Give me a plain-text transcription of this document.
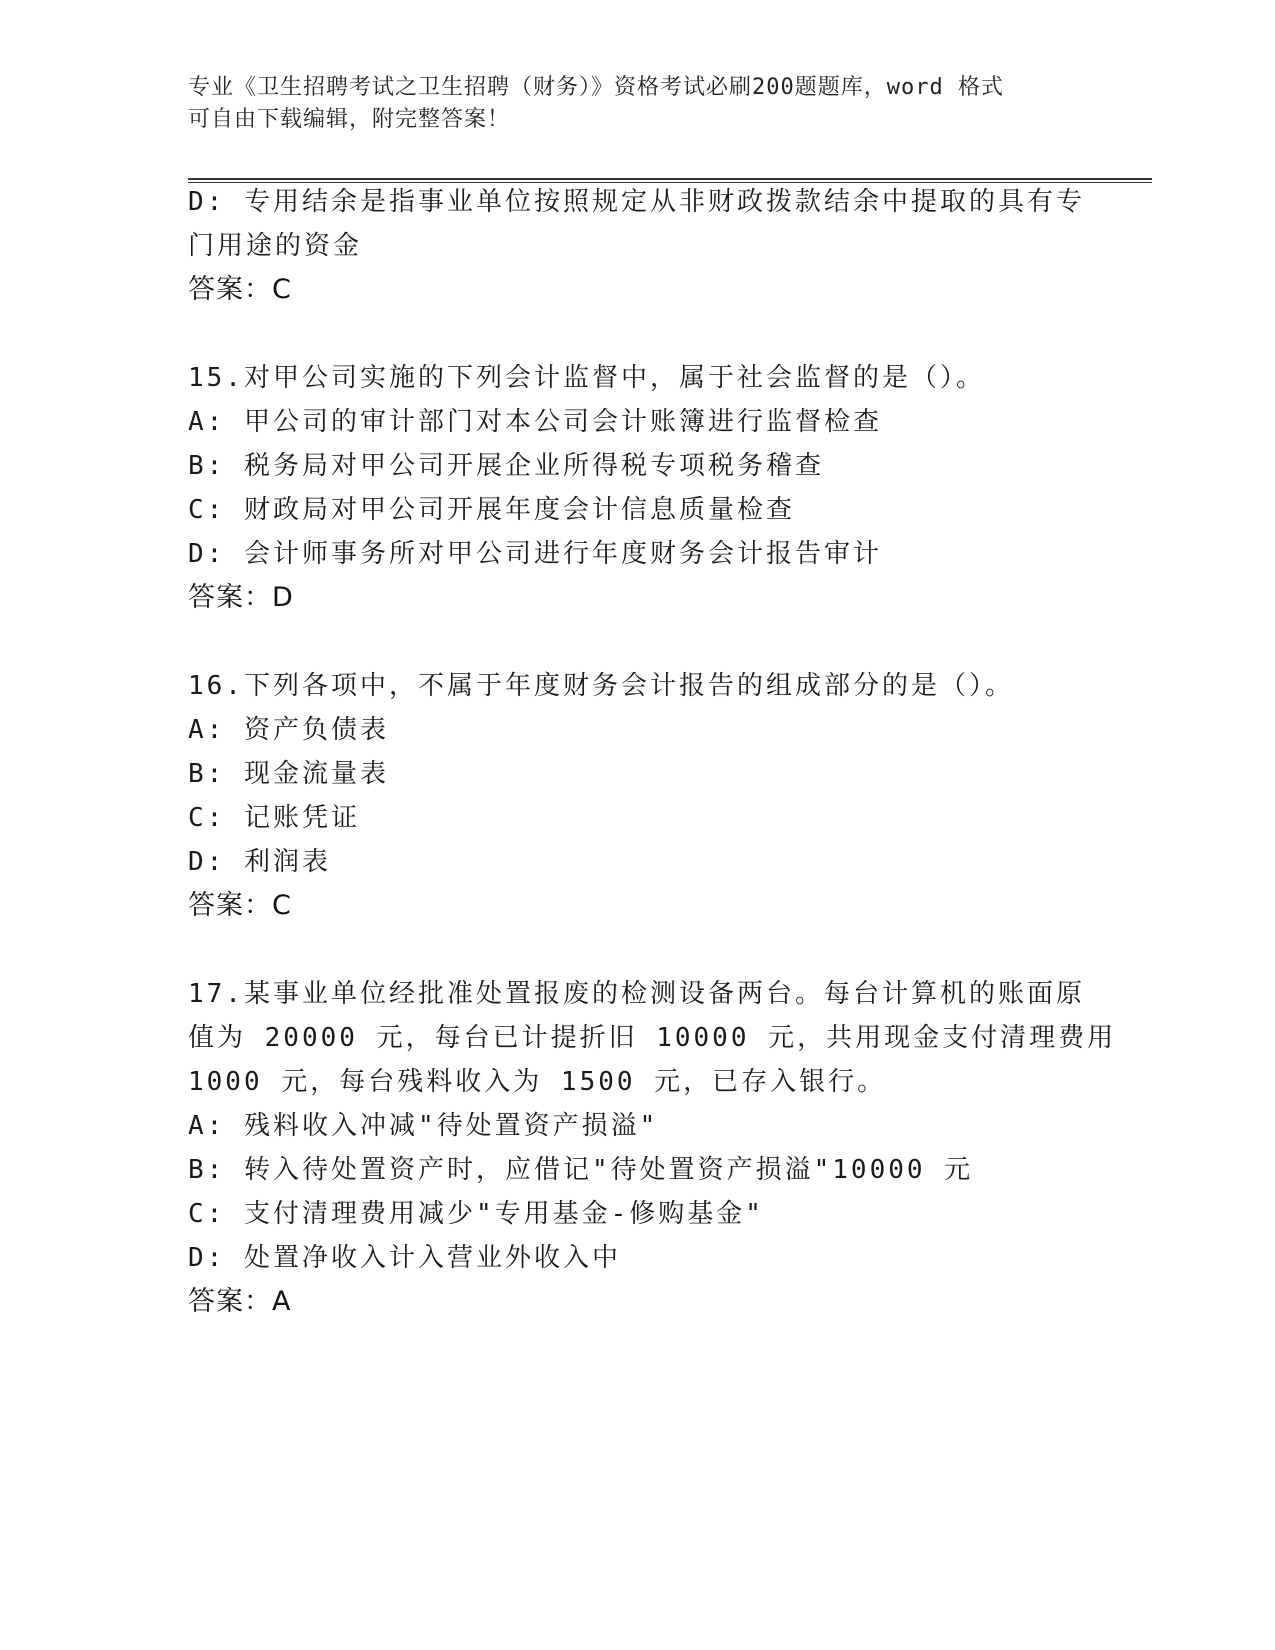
专业《卫生招聘考试之卫生招聘（财务）》资格考试必刷200题题库，word 格式
可自由下载编辑，附完整答案！
D: 专用结余是指事业单位按照规定从非财政拨款结余中提取的具有专
门用途的资金
答案：C
15.对甲公司实施的下列会计监督中，属于社会监督的是（）。
A: 甲公司的审计部门对本公司会计账簿进行监督检查
B: 税务局对甲公司开展企业所得税专项税务稽查
C: 财政局对甲公司开展年度会计信息质量检查
D: 会计师事务所对甲公司进行年度财务会计报告审计
答案：D
16.下列各项中，不属于年度财务会计报告的组成部分的是（）。
A: 资产负债表
B: 现金流量表
C: 记账凭证
D: 利润表
答案：C
17.某事业单位经批准处置报废的检测设备两台。每台计算机的账面原
值为 20000 元，每台已计提折旧 10000 元，共用现金支付清理费用
1000 元，每台残料收入为 1500 元，已存入银行。
A: 残料收入冲减"待处置资产损溢"
B: 转入待处置资产时，应借记"待处置资产损溢"10000 元
C: 支付清理费用减少"专用基金-修购基金"
D: 处置净收入计入营业外收入中
答案：A
